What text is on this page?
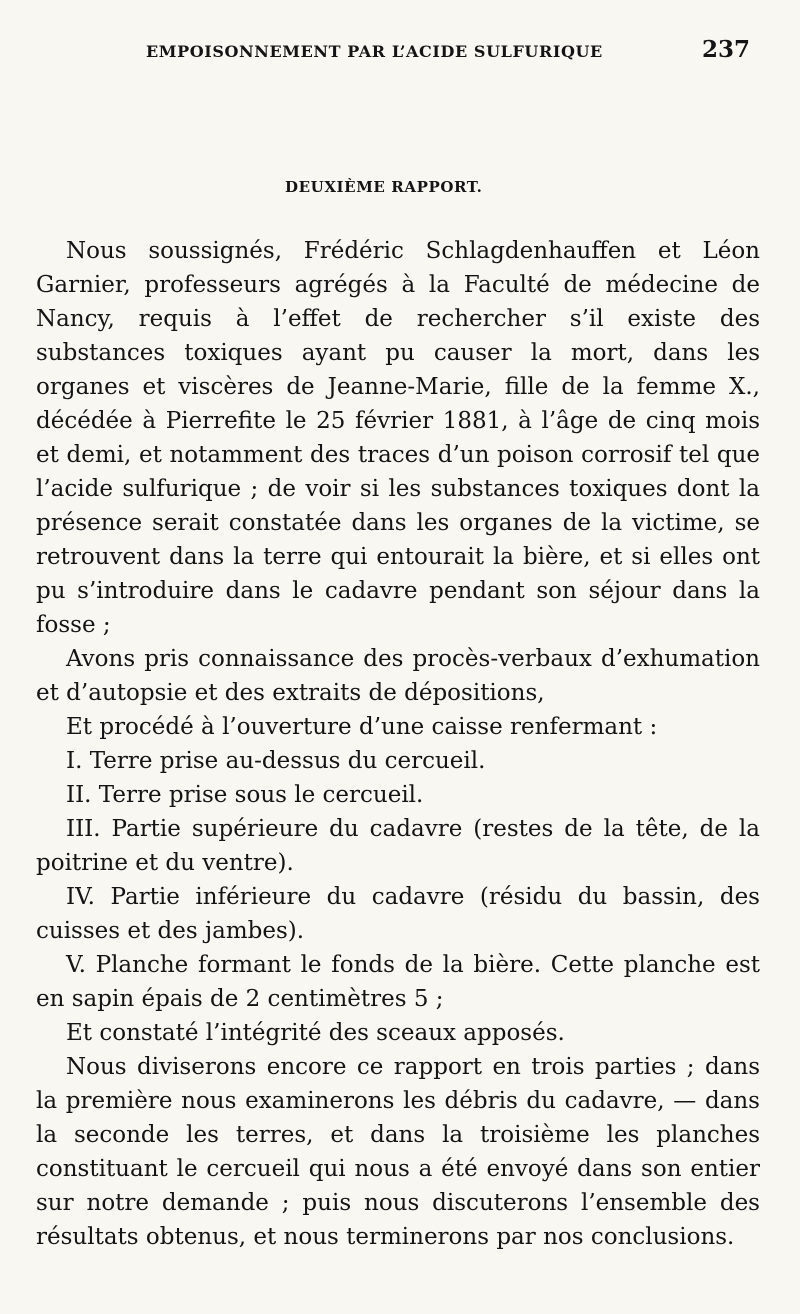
EMPOISONNEMENT PAR L’ACIDE SULFURIQUE	237
DEUXIÈME RAPPORT.

Nous soussignés, Frédéric Schlagdenhauffen et Léon Garnier, professeurs agrégés à la Faculté de médecine de Nancy, requis à l’effet de rechercher s’il existe des substances toxiques ayant pu causer la mort, dans les organes et viscères de Jeanne-Marie, fille de la femme X., décédée à Pierrefite le 25 février 1881, à l’âge de cinq mois et demi, et notamment des traces d’un poison corrosif tel que l’acide sulfurique ; de voir si les substances toxiques dont la présence serait constatée dans les organes de la victime, se retrouvent dans la terre qui entourait la bière, et si elles ont pu s’introduire dans le cadavre pendant son séjour dans la fosse ;

Avons pris connaissance des procès-verbaux d’exhumation et d’autopsie et des extraits de dépositions,

Et procédé à l’ouverture d’une caisse renfermant :

I. Terre prise au-dessus du cercueil.

II. Terre prise sous le cercueil.

III. Partie supérieure du cadavre (restes de la tête, de la poitrine et du ventre).

IV. Partie inférieure du cadavre (résidu du bassin, des cuisses et des jambes).

V. Planche formant le fonds de la bière. Cette planche est en sapin épais de 2 centimètres 5 ;

Et constaté l’intégrité des sceaux apposés.

Nous diviserons encore ce rapport en trois parties ; dans la première nous examinerons les débris du cadavre, — dans la seconde les terres, et dans la troisième les planches constituant le cercueil qui nous a été envoyé dans son entier sur notre demande ; puis nous discuterons l’ensemble des résultats obtenus, et nous terminerons par nos conclusions.
